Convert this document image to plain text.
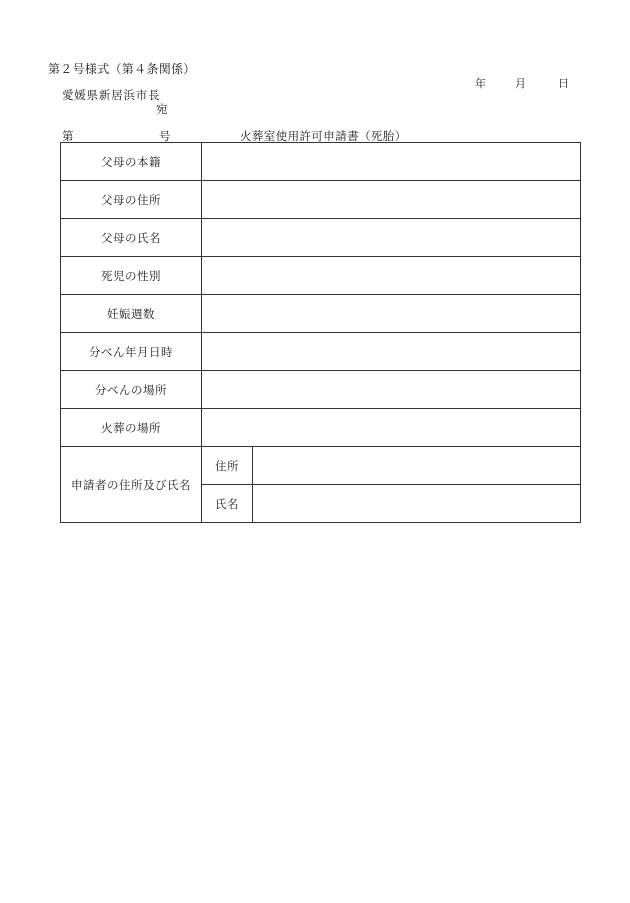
第２号様式（第４条関係）
年	月	日
愛媛県新居浜市長
宛
第	号	火葬室使用許可申請書（死胎）
父母の本籍		
父母の住所		
父母の氏名		
死児の性別		
妊娠週数		
分べん年月日時		
分べんの場所		
火葬の場所		
申請者の住所及び氏名	住所	
	氏名	
